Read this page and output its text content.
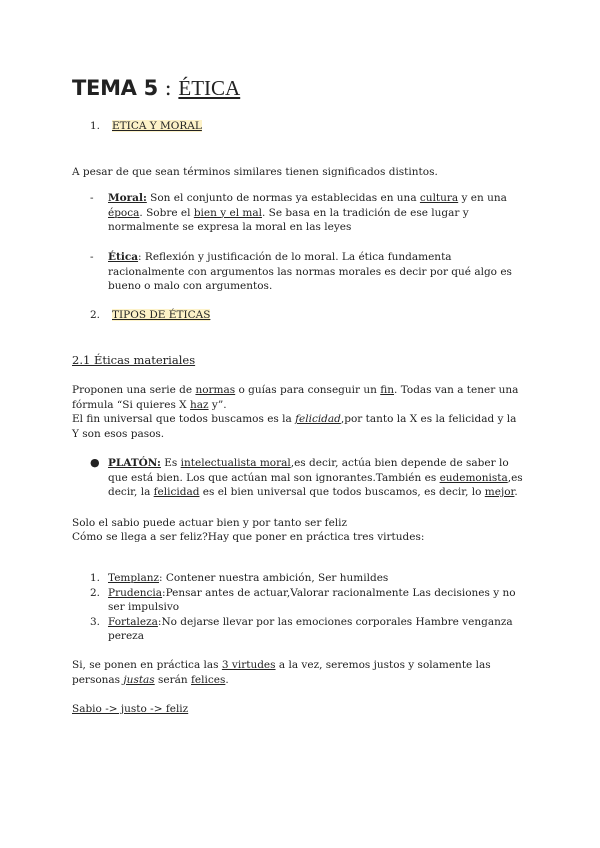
TEMA 5 : ÉTICA
1. ETICA Y MORAL
A pesar de que sean términos similares tienen significados distintos.
- Moral: Son el conjunto de normas ya establecidas en una cultura y en una época. Sobre el bien y el mal. Se basa en la tradición de ese lugar y normalmente se expresa la moral en las leyes
- Ética: Reflexión y justificación de lo moral. La ética fundamenta racionalmente con argumentos las normas morales es decir por qué algo es bueno o malo con argumentos.
2. TIPOS DE ÉTICAS
2.1 Éticas materiales
Proponen una serie de normas o guías para conseguir un fin. Todas van a tener una fórmula “Si quieres X haz y”.
El fin universal que todos buscamos es la felicidad,por tanto la X es la felicidad y la Y son esos pasos.
● PLATÓN: Es intelectualista moral,es decir, actúa bien depende de saber lo que está bien. Los que actúan mal son ignorantes.También es eudemonista,es decir, la felicidad es el bien universal que todos buscamos, es decir, lo mejor.
Solo el sabio puede actuar bien y por tanto ser feliz
Cómo se llega a ser feliz?Hay que poner en práctica tres virtudes:
1. Templanz: Contener nuestra ambición, Ser humildes
2. Prudencia:Pensar antes de actuar,Valorar racionalmente Las decisiones y no ser impulsivo
3. Fortaleza:No dejarse llevar por las emociones corporales Hambre venganza pereza
Si, se ponen en práctica las 3 virtudes a la vez, seremos justos y solamente las personas justas serán felices.
Sabio -> justo -> feliz
